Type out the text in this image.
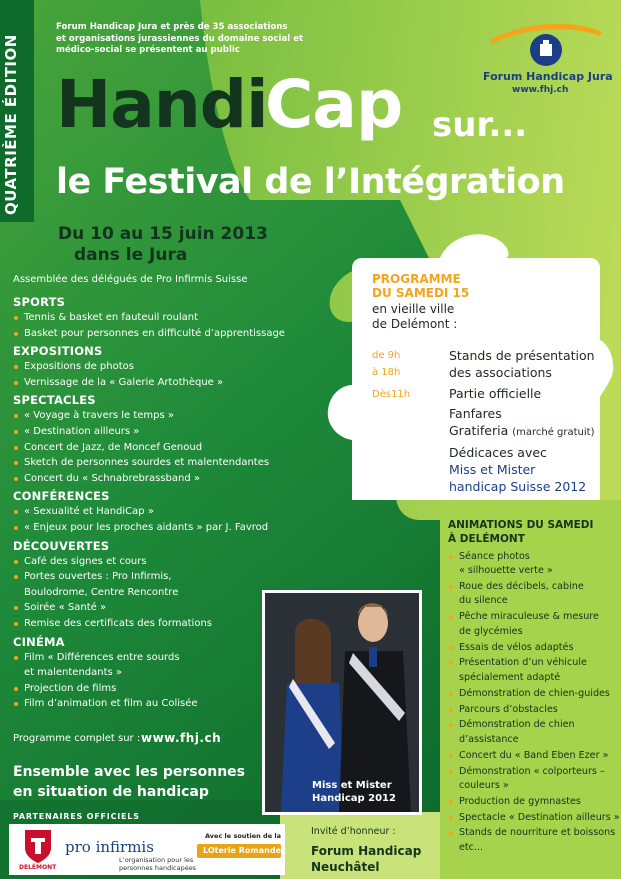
QUATRIÈME ÉDITION
Forum Handicap Jura et près de 35 associations
et organisations jurassiennes du domaine social et
médico-social se présentent au public
Forum Handicap Jura
www.fhj.ch
Handi
Cap sur...
le Festival de l’Intégration
Du 10 au 15 juin 2013
dans le Jura
Assemblée des délégués de Pro Infirmis Suisse
SPORTS
Tennis & basket en fauteuil roulant
Basket pour personnes en difficulté d’apprentissage
EXPOSITIONS
Expositions de photos
Vernissage de la « Galerie Artothèque »
SPECTACLES
« Voyage à travers le temps »
« Destination ailleurs »
Concert de Jazz, de Moncef Genoud
Sketch de personnes sourdes et malentendantes
Concert du « Schnabrebrassband »
CONFÉRENCES
« Sexualité et HandiCap »
« Enjeux pour les proches aidants » par J. Favrod
DÉCOUVERTES
Café des signes et cours
Portes ouvertes : Pro Infirmis,
Boulodrome, Centre Rencontre
Soirée « Santé »
Remise des certificats des formations
CINÉMA
Film « Différences entre sourds
et malentendants »
Projection de films
Film d’animation et film au Colisée
Programme complet sur : www.fhj.ch
Ensemble avec les personnes
en situation de handicap
PARTENAIRES OFFICIELS
DELÉMONT
pro infirmis
L’organisation pour les
personnes handicapées
Avec le soutien de la
LOterie Romande
PROGRAMME
DU SAMEDI 15
en vieille ville
de Delémont :
de 9h
à 18h
Dès11h
Stands de présentation
des associations
Partie officielle
Fanfares
Gratiferia (marché gratuit)
Dédicaces avec
Miss et Mister
handicap Suisse 2012
ANIMATIONS DU SAMEDI
À DELÉMONT
Séance photos
« silhouette verte »
Roue des décibels, cabine
du silence
Pêche miraculeuse & mesure
de glycémies
Essais de vélos adaptés
Présentation d’un véhicule
spécialement adapté
Démonstration de chien-guides
Parcours d’obstacles
Démonstration de chien
d’assistance
Concert du « Band Eben Ezer »
Démonstration « colporteurs –
couleurs »
Production de gymnastes
Spectacle « Destination ailleurs »
Stands de nourriture et boissons
etc...
Miss et Mister
Handicap 2012
Invité d’honneur :
Forum Handicap
Neuchâtel
